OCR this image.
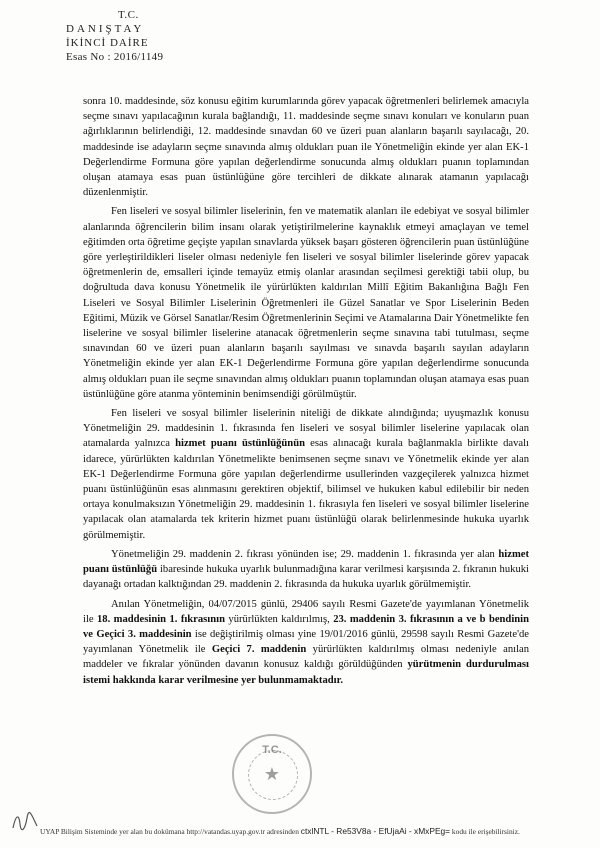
T.C.
DANIŞTAY
İKİNCİ DAİRE
Esas No : 2016/1149

sonra 10. maddesinde, söz konusu eğitim kurumlarında görev yapacak öğretmenleri belirlemek amacıyla seçme sınavı yapılacağının kurala bağlandığı, 11. maddesinde seçme sınavı konuları ve konuların puan ağırlıklarının belirlendiği, 12. maddesinde sınavdan 60 ve üzeri puan alanların başarılı sayılacağı, 20. maddesinde ise adayların seçme sınavında almış oldukları puan ile Yönetmeliğin ekinde yer alan EK-1 Değerlendirme Formuna göre yapılan değerlendirme sonucunda almış oldukları puanın toplamından oluşan atamaya esas puan üstünlüğüne göre tercihleri de dikkate alınarak atamanın yapılacağı düzenlenmiştir.

Fen liseleri ve sosyal bilimler liselerinin, fen ve matematik alanları ile edebiyat ve sosyal bilimler alanlarında öğrencilerin bilim insanı olarak yetiştirilmelerine kaynaklık etmeyi amaçlayan ve temel eğitimden orta öğretime geçişte yapılan sınavlarda yüksek başarı gösteren öğrencilerin puan üstünlüğüne göre yerleştirildikleri liseler olması nedeniyle fen liseleri ve sosyal bilimler liselerinde görev yapacak öğretmenlerin de, emsalleri içinde temayüz etmiş olanlar arasından seçilmesi gerektiği tabii olup, bu doğrultuda dava konusu Yönetmelik ile yürürlükten kaldırılan Millî Eğitim Bakanlığına Bağlı Fen Liseleri ve Sosyal Bilimler Liselerinin Öğretmenleri ile Güzel Sanatlar ve Spor Liselerinin Beden Eğitimi, Müzik ve Görsel Sanatlar/Resim Öğretmenlerinin Seçimi ve Atamalarına Dair Yönetmelikte fen liselerine ve sosyal bilimler liselerine atanacak öğretmenlerin seçme sınavına tabi tutulması, seçme sınavından 60 ve üzeri puan alanların başarılı sayılması ve sınavda başarılı sayılan adayların Yönetmeliğin ekinde yer alan EK-1 Değerlendirme Formuna göre yapılan değerlendirme sonucunda almış oldukları puan ile seçme sınavından almış oldukları puanın toplamından oluşan atamaya esas puan üstünlüğüne göre atanma yönteminin benimsendiği görülmüştür.

Fen liseleri ve sosyal bilimler liselerinin niteliği de dikkate alındığında; uyuşmazlık konusu Yönetmeliğin 29. maddesinin 1. fıkrasında fen liseleri ve sosyal bilimler liselerine yapılacak olan atamalarda yalnızca hizmet puanı üstünlüğünün esas alınacağı kurala bağlanmakla birlikte davalı idarece, yürürlükten kaldırılan Yönetmelikte benimsenen seçme sınavı ve Yönetmelik ekinde yer alan EK-1 Değerlendirme Formuna göre yapılan değerlendirme usullerinden vazgeçilerek yalnızca hizmet puanı üstünlüğünün esas alınmasını gerektiren objektif, bilimsel ve hukuken kabul edilebilir bir neden ortaya konulmaksızın Yönetmeliğin 29. maddesinin 1. fıkrasıyla fen liseleri ve sosyal bilimler liselerine yapılacak olan atamalarda tek kriterin hizmet puanı üstünlüğü olarak belirlenmesinde hukuka uyarlık görülmemiştir.

Yönetmeliğin 29. maddenin 2. fıkrası yönünden ise; 29. maddenin 1. fıkrasında yer alan hizmet puanı üstünlüğü ibaresinde hukuka uyarlık bulunmadığına karar verilmesi karşısında 2. fıkranın hukuki dayanağı ortadan kalktığından 29. maddenin 2. fıkrasında da hukuka uyarlık görülmemiştir.

Anılan Yönetmeliğin, 04/07/2015 günlü, 29406 sayılı Resmi Gazete'de yayımlanan Yönetmelik ile 18. maddesinin 1. fıkrasının yürürlükten kaldırılmış, 23. maddenin 3. fıkrasının a ve b bendinin ve Geçici 3. maddesinin ise değiştirilmiş olması yine 19/01/2016 günlü, 29598 sayılı Resmi Gazete'de yayımlanan Yönetmelik ile Geçici 7. maddenin yürürlükten kaldırılmış olması nedeniyle anılan maddeler ve fıkralar yönünden davanın konusuz kaldığı görüldüğünden yürütmenin durdurulması istemi hakkında karar verilmesine yer bulunmamaktadır.

T.C.
★
UYAP Bilişim Sisteminde yer alan bu dokümana http://vatandas.uyap.gov.tr adresinden ctxlNTL - Re53V8a - EfUjaAi - xMxPEg= kodu ile erişebilirsiniz.
